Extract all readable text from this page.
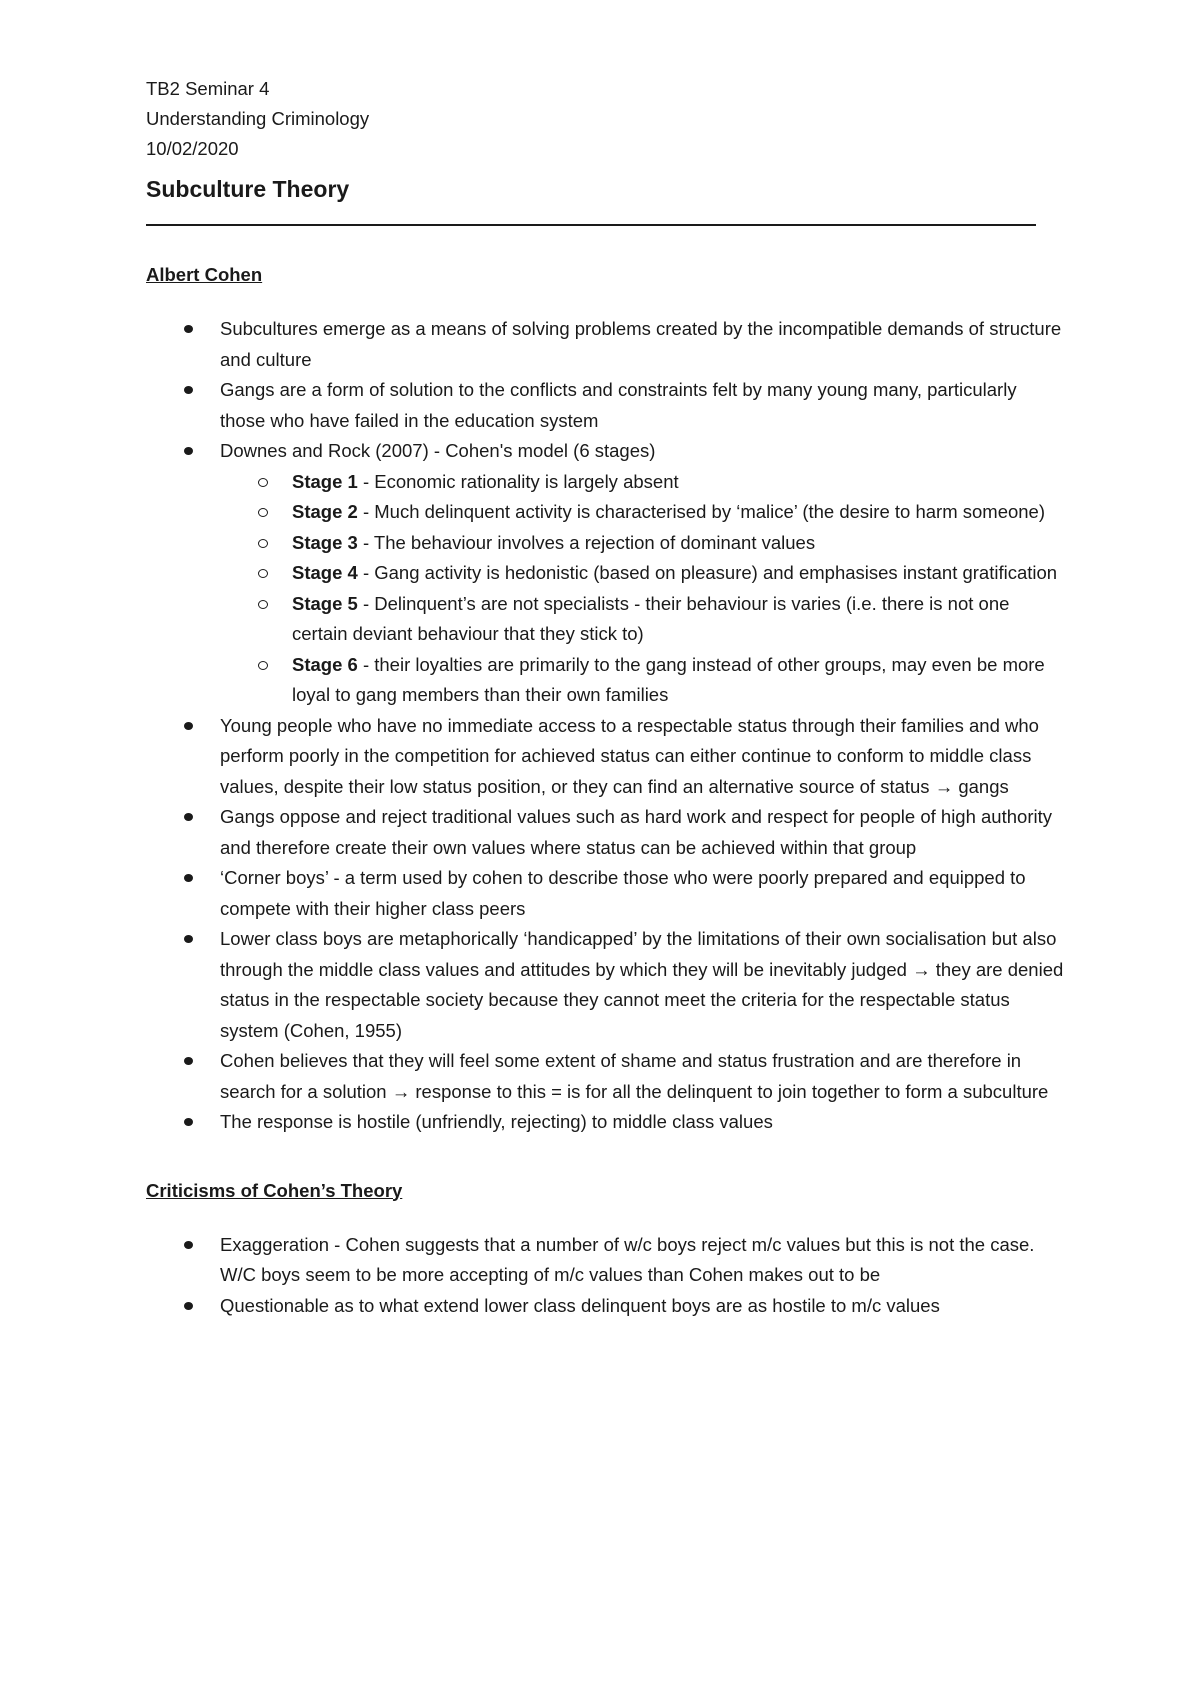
TB2 Seminar 4

Understanding Criminology

10/02/2020

Subculture Theory
Albert Cohen
Subcultures emerge as a means of solving problems created by the incompatible demands of structure and culture
Gangs are a form of solution to the conflicts and constraints felt by many young many, particularly those who have failed in the education system
Downes and Rock (2007) - Cohen's model (6 stages)
Stage 1 - Economic rationality is largely absent
Stage 2 - Much delinquent activity is characterised by ‘malice’ (the desire to harm someone)
Stage 3 - The behaviour involves a rejection of dominant values
Stage 4 - Gang activity is hedonistic (based on pleasure) and emphasises instant gratification
Stage 5 - Delinquent’s are not specialists - their behaviour is varies (i.e. there is not one certain deviant behaviour that they stick to)
Stage 6 - their loyalties are primarily to the gang instead of other groups, may even be more loyal to gang members than their own families
Young people who have no immediate access to a respectable status through their families and who perform poorly in the competition for achieved status can either continue to conform to middle class values, despite their low status position, or they can find an alternative source of status → gangs
Gangs oppose and reject traditional values such as hard work and respect for people of high authority and therefore create their own values where status can be achieved within that group
‘Corner boys’ - a term used by cohen to describe those who were poorly prepared and equipped to compete with their higher class peers
Lower class boys are metaphorically ‘handicapped’ by the limitations of their own socialisation but also through the middle class values and attitudes by which they will be inevitably judged → they are denied status in the respectable society because they cannot meet the criteria for the respectable status system (Cohen, 1955)
Cohen believes that they will feel some extent of shame and status frustration and are therefore in search for a solution → response to this = is for all the delinquent to join together to form a subculture
The response is hostile (unfriendly, rejecting) to middle class values
Criticisms of Cohen’s Theory
Exaggeration - Cohen suggests that a number of w/c boys reject m/c values but this is not the case. W/C boys seem to be more accepting of m/c values than Cohen makes out to be
Questionable as to what extend lower class delinquent boys are as hostile to m/c values
